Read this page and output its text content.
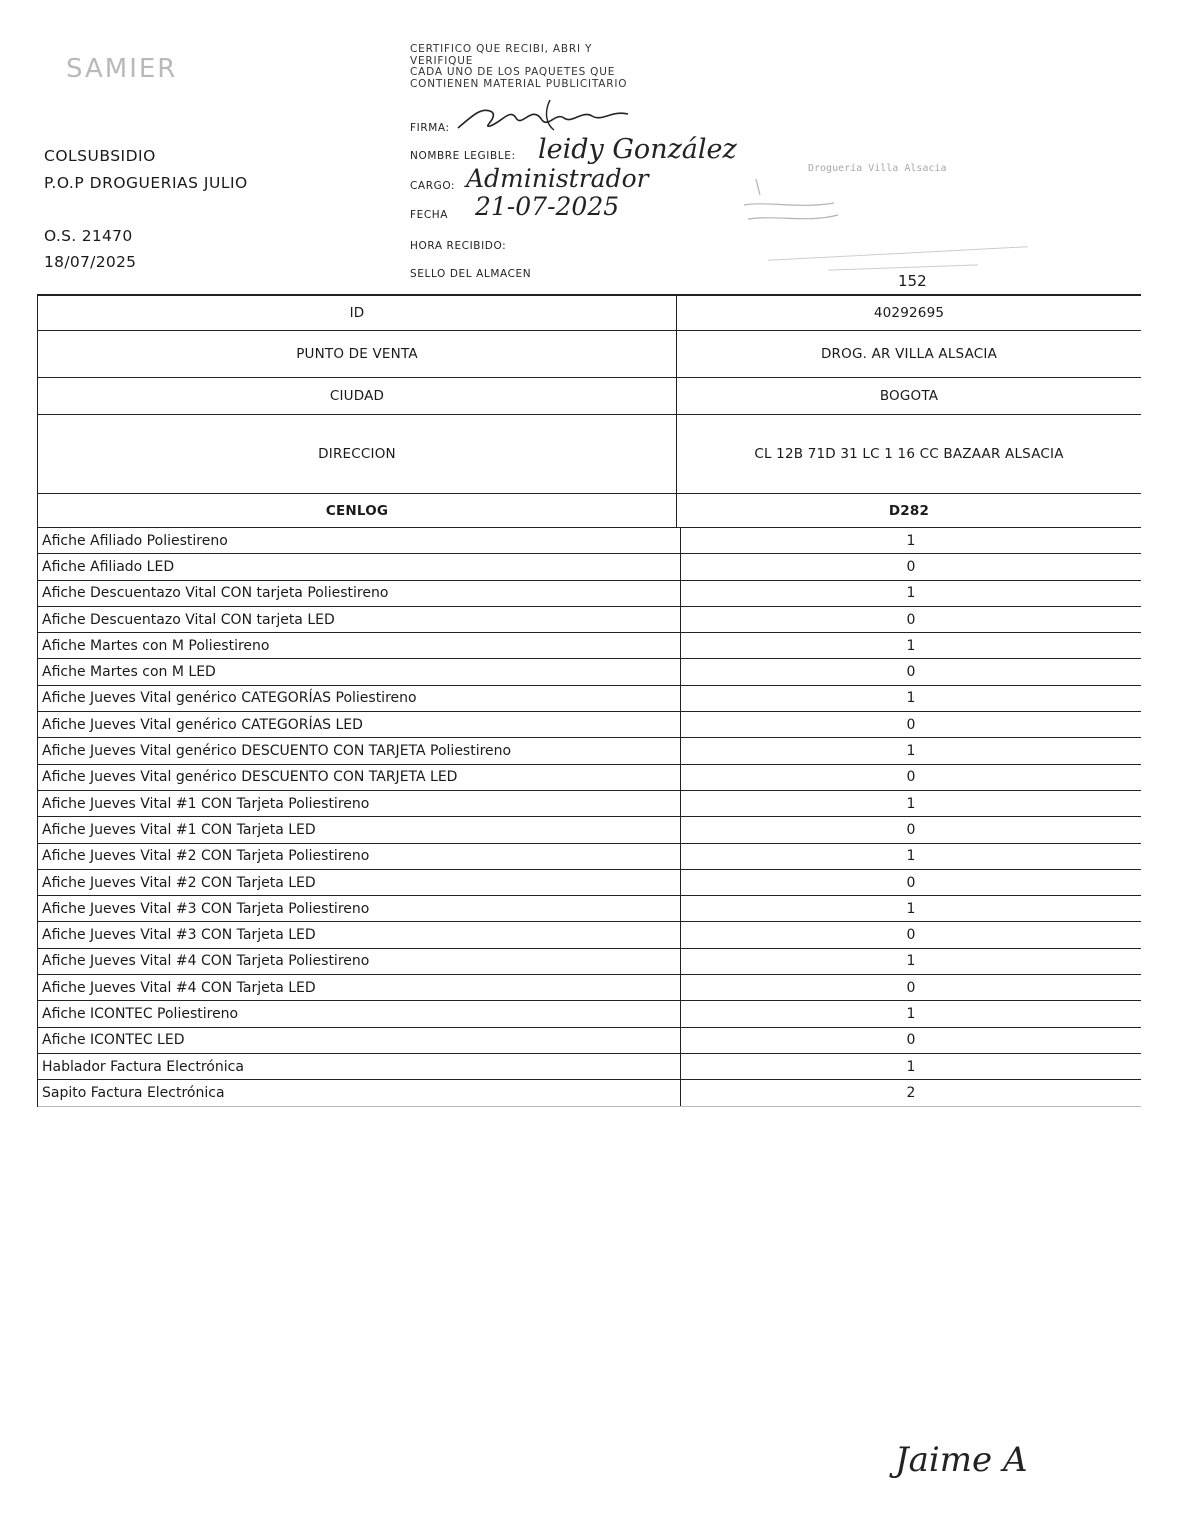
SAMIER
COLSUBSIDIO
P.O.P DROGUERIAS JULIO
O.S. 21470
18/07/2025
CERTIFICO QUE RECIBI, ABRI Y
VERIFIQUE
CADA UNO DE LOS PAQUETES QUE
CONTIENEN MATERIAL PUBLICITARIO
FIRMA:
NOMBRE LEGIBLE: leidy González
CARGO: Administrador
FECHA 21-07-2025
HORA RECIBIDO:
SELLO DEL ALMACEN
Droguería Villa Alsacia
152
ID	40292695
PUNTO DE VENTA	DROG. AR VILLA ALSACIA
CIUDAD	BOGOTA
DIRECCION	CL 12B 71D 31 LC 1 16 CC BAZAAR ALSACIA
CENLOG	D282
Afiche Afiliado Poliestireno	1
Afiche Afiliado LED	0
Afiche Descuentazo Vital CON tarjeta Poliestireno	1
Afiche Descuentazo Vital CON tarjeta LED	0
Afiche Martes con M Poliestireno	1
Afiche Martes con M LED	0
Afiche Jueves Vital genérico CATEGORÍAS Poliestireno	1
Afiche Jueves Vital genérico CATEGORÍAS LED	0
Afiche Jueves Vital genérico DESCUENTO CON TARJETA Poliestireno	1
Afiche Jueves Vital genérico DESCUENTO CON TARJETA LED	0
Afiche Jueves Vital #1 CON Tarjeta Poliestireno	1
Afiche Jueves Vital #1 CON Tarjeta LED	0
Afiche Jueves Vital #2 CON Tarjeta Poliestireno	1
Afiche Jueves Vital #2 CON Tarjeta LED	0
Afiche Jueves Vital #3 CON Tarjeta Poliestireno	1
Afiche Jueves Vital #3 CON Tarjeta LED	0
Afiche Jueves Vital #4 CON Tarjeta Poliestireno	1
Afiche Jueves Vital #4 CON Tarjeta LED	0
Afiche ICONTEC Poliestireno	1
Afiche ICONTEC LED	0
Hablador Factura Electrónica	1
Sapito Factura Electrónica	2
Jaime A
